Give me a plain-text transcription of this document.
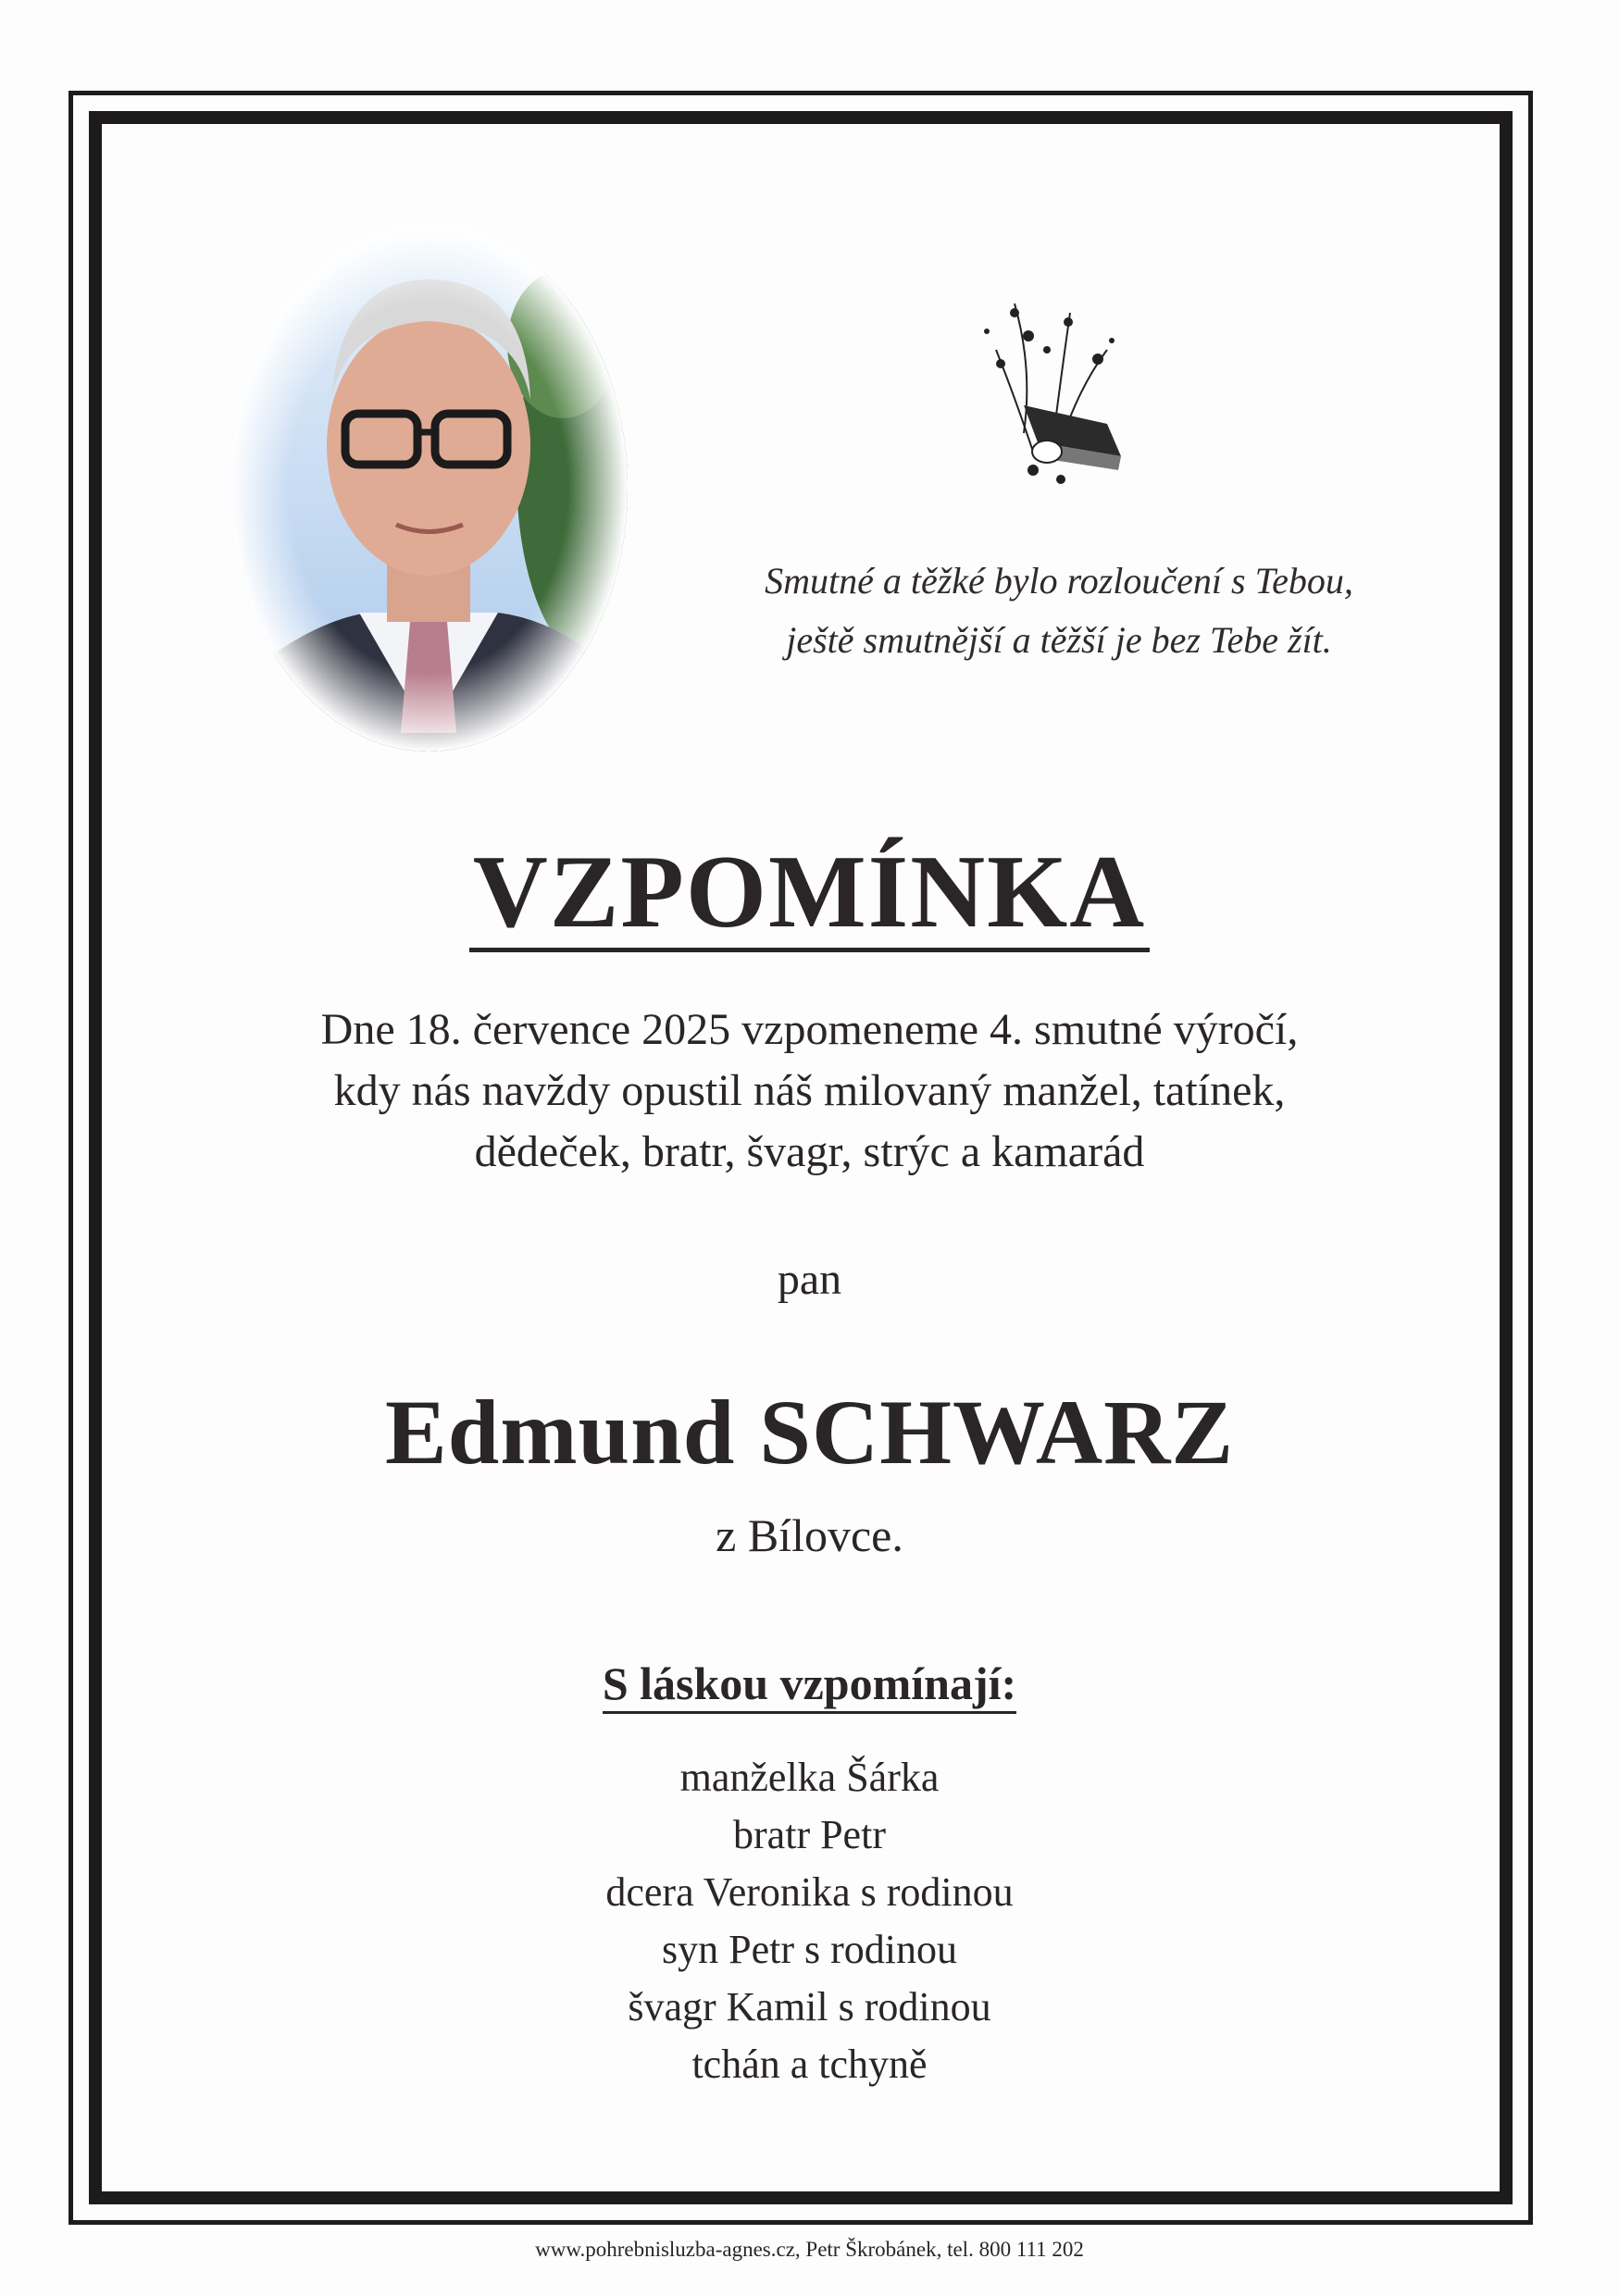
Smutné a těžké bylo rozloučení s Tebou,
ještě smutnější a těžší je bez Tebe žít.
VZPOMÍNKA
Dne 18. července 2025 vzpomeneme 4. smutné výročí,
kdy nás navždy opustil náš milovaný manžel, tatínek,
dědeček, bratr, švagr, strýc a kamarád
pan
Edmund SCHWARZ
z Bílovce.
S láskou vzpomínají:
manželka Šárka
bratr Petr
dcera Veronika s rodinou
syn Petr s rodinou
švagr Kamil s rodinou
tchán a tchyně
www.pohrebnisluzba-agnes.cz, Petr Škrobánek, tel. 800 111 202
